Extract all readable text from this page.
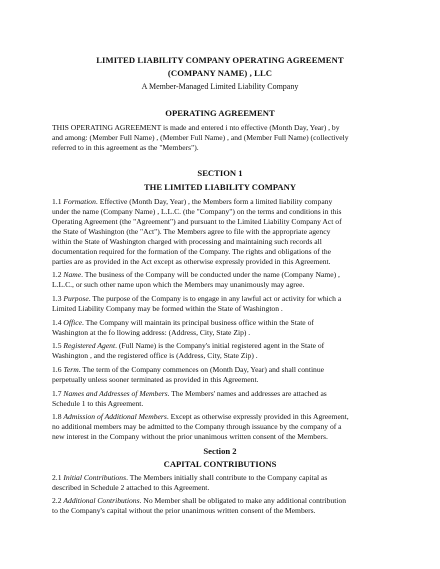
LIMITED LIABILITY COMPANY OPERATING AGREEMENT
(COMPANY NAME) , LLC
A Member-Managed Limited Liability Company
OPERATING AGREEMENT
THIS OPERATING AGREEMENT is made and entered i nto effective (Month Day, Year) , by
and among: (Member Full Name) , (Member Full Name) , and (Member Full Name) (collectively
referred to in this agreement as the "Members").
SECTION 1
THE LIMITED LIABILITY COMPANY
1.1 Formation. Effective (Month Day, Year) , the Members form a limited liability company
under the name (Company Name) , L.L.C. (the "Company") on the terms and conditions in this
Operating Agreement (the "Agreement") and pursuant to the Limited Liability Company Act of
the State of Washington (the "Act"). The Members agree to file with the appropriate agency
within the State of Washington charged with processing and maintaining such records all
documentation required for the formation of the Company. The rights and obligations of the
parties are as provided in the Act except as otherwise expressly provided in this Agreement.
1.2 Name. The business of the Company will be conducted under the name (Company Name) ,
L.L.C., or such other name upon which the Members may unanimously may agree.
1.3 Purpose. The purpose of the Company is to engage in any lawful act or activity for which a
Limited Liability Company may be formed within the State of Washington .
1.4 Office. The Company will maintain its principal business office within the State of
Washington at the fo llowing address: (Address, City, State Zip) .
1.5 Registered Agent. (Full Name) is the Company's initial registered agent in the State of
Washington , and the registered office is (Address, City, State Zip) .
1.6 Term. The term of the Company commences on (Month Day, Year) and shall continue
perpetually unless sooner terminated as provided in this Agreement.
1.7 Names and Addresses of Members. The Members' names and addresses are attached as
Schedule 1 to this Agreement.
1.8 Admission of Additional Members. Except as otherwise expressly provided in this Agreement,
no additional members may be admitted to the Company through issuance by the company of a
new interest in the Company without the prior unanimous written consent of the Members.
Section 2
CAPITAL CONTRIBUTIONS
2.1 Initial Contributions. The Members initially shall contribute to the Company capital as
described in Schedule 2 attached to this Agreement.
2.2 Additional Contributions. No Member shall be obligated to make any additional contribution
to the Company's capital without the prior unanimous written consent of the Members.
